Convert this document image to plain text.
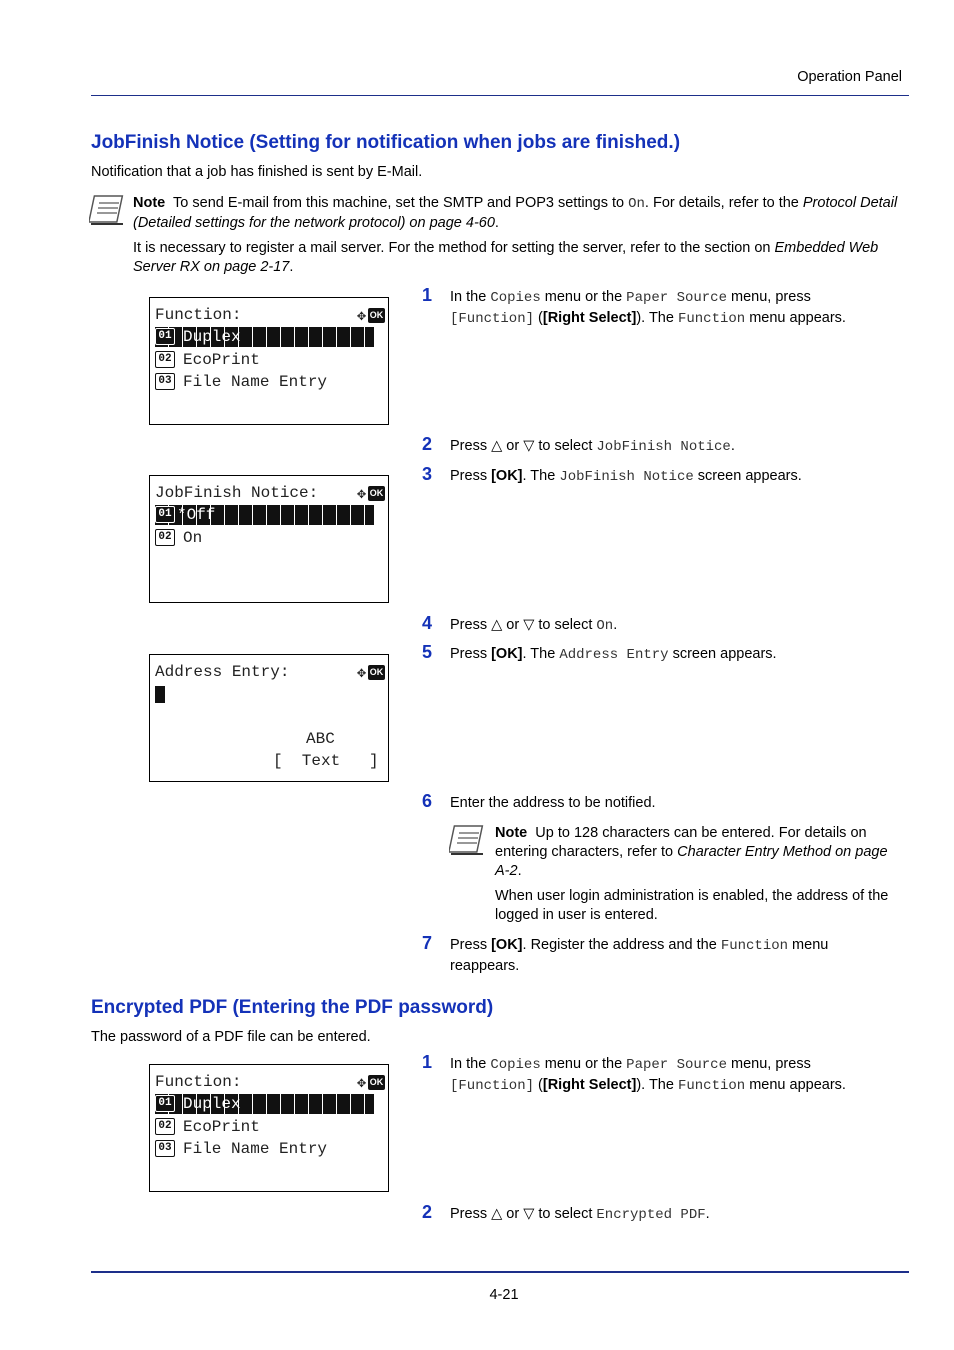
Operation Panel
JobFinish Notice (Setting for notification when jobs are finished.)
Notification that a job has finished is sent by E-Mail.
Note To send E-mail from this machine, set the SMTP and POP3 settings to On. For details, refer to the Protocol Detail (Detailed settings for the network protocol) on page 4-60.
It is necessary to register a mail server. For the method for setting the server, refer to the section on Embedded Web Server RX on page 2-17.
Function:	✥ OK
01 Duplex
02 EcoPrint
03 File Name Entry
1	In the Copies menu or the Paper Source menu, press
[Function] ([Right Select]). The Function menu appears.
2	Press △ or ▽ to select JobFinish Notice.
3	Press [OK]. The JobFinish Notice screen appears.
JobFinish Notice:	✥ OK
01 *Off
02 On
4	Press △ or ▽ to select On.
5	Press [OK]. The Address Entry screen appears.
Address Entry:	✥ OK
ABC
[  Text   ]
6	Enter the address to be notified.
Note Up to 128 characters can be entered. For details on entering characters, refer to Character Entry Method on page A-2.
When user login administration is enabled, the address of the logged in user is entered.
7	Press [OK]. Register the address and the Function menu reappears.
Encrypted PDF (Entering the PDF password)
The password of a PDF file can be entered.
Function:	✥ OK
01 Duplex
02 EcoPrint
03 File Name Entry
1	In the Copies menu or the Paper Source menu, press
[Function] ([Right Select]). The Function menu appears.
2	Press △ or ▽ to select Encrypted PDF.
4-21
